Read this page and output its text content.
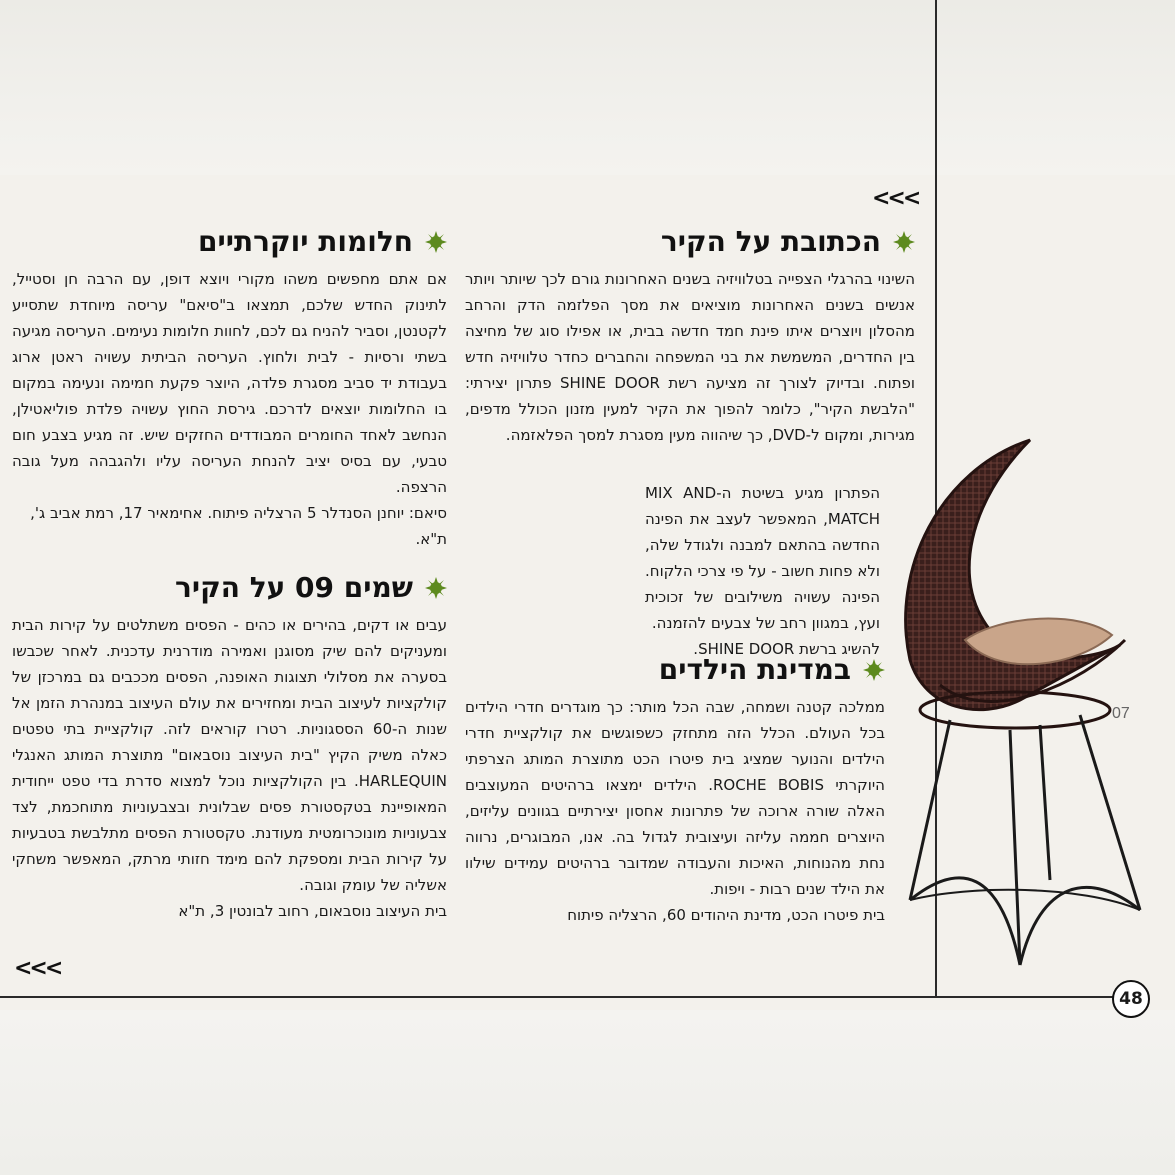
<<<
<<<
הכתובת על הקיר

השינוי בהרגלי הצפייה בטלוויזיה בשנים האחרונות גורם לכך שיותר ויותר אנשים בשנים האחרונות מוציאים את מסך הפלזמה הדק והרחב מהסלון ויוצרים איתו פינת חמד חדשה בבית, או אפילו סוג של מחיצה בין החדרים, המשמשת את בני המשפחה והחברים כחדר טלוויזיה חדש ופתוח. ובדיוק לצורך זה מציעה רשת SHINE DOOR פתרון יצירתי: "הלבשת הקיר", כלומר להפוך את הקיר למעין מזנון הכולל מדפים, מגירות, ומקום ל-DVD, כך שיהווה מעין מסגרת למסך הפלאזמה.

הפתרון מגיע בשיטת ה-MIX AND MATCH, המאפשר לעצב את הפינה החדשה בהתאם למבנה ולגודל שלה, ולא פחות חשוב - על פי צרכי הלקוח. הפינה עשויה משילובים של זכוכית ועץ, במגוון רחב של צבעים להזמנה.

להשיג ברשת SHINE DOOR.

במדינת הילדים

ממלכה קטנה ושמחה, שבה הכל מותר: כך מוגדרים חדרי הילדים בכל העולם. הכלל הזה מתחזק כשפוגשים את קולקציית חדרי הילדים והנוער שמציג בית פיטרו הכט מתוצרת המותג הצרפתי היוקרתי ROCHE BOBIS. הילדים ימצאו ברהיטים המעוצבים האלה שורה ארוכה של פתרונות אחסון יצירתיים בגוונים עליזים, היוצרים חממה עליזה ועיצובית לגדול בה. אנו, המבוגרים, נרווה נחת מהנוחות, האיכות והעבודה שמדובר ברהיטים עמידים שילוו את הילד שנים רבות - ויפות.

בית פיטרו הכט, מדינת היהודים 60, הרצליה פיתוח

חלומות יוקרתיים

אם אתם מחפשים משהו מקורי ויוצא דופן, עם הרבה חן וסטייל, לתינוק החדש שלכם, תמצאו ב"סיאם" עריסה מיוחדת שתסייע לקטנטן, וסביר להניח גם לכם, לחוות חלומות נעימים. העריסה מגיעה בשתי ורסיות - לבית ולחוץ. העריסה הביתית עשויה ראטן ארוג בעבודת יד סביב מסגרת פלדה, היוצר פקעת חמימה ונעימה במקום בו החלומות יוצאים לדרכם. גירסת החוץ עשויה פלדת פוליאטילן, הנחשב לאחד החומרים המבודדים החזקים שיש. זה מגיע בצבע חום טבעי, עם בסיס יציב להנחת העריסה עליו ולהגבהה מעל גובה הרצפה.

סיאם: יוחנן הסנדלר 5 הרצליה פיתוח. אחימאיר 17, רמת אביב ג', ת"א.

שמים 09 על הקיר

עבים או דקים, בהירים או כהים - הפסים משתלטים על קירות הבית ומעניקים להם שיק מסוגנן ואמירה מודרנית עדכנית. לאחר שכבשו בסערה את מסלולי תצוגות האופנה, הפסים מככבים גם במרכזן של קולקציות לעיצוב הבית ומחזירים את עולם העיצוב במנהרת הזמן אל שנות ה-60 הססגוניות. רטרו קוראים לזה. קולקציית בתי טפטים כאלה משיק הקיץ "בית העיצוב נוסבאום" מתוצרת המותג האנגלי HARLEQUIN. בין הקולקציות נוכל למצוא סדרת בדי טפט ייחודית המאופיינת בטקסטורת פסים שבלונית ובצבעוניות מתוחכמת, לצד צבעוניות מונוכרומטית מעודנת. טקסטורת הפסים מתלבשת בטבעיות על קירות הבית ומספקת להם מימד חזותי מרתק, המאפשר משחקי אשליה של עומק וגובה.

בית העיצוב נוסבאום, רחוב לבונטין 3, ת"א

07
48
